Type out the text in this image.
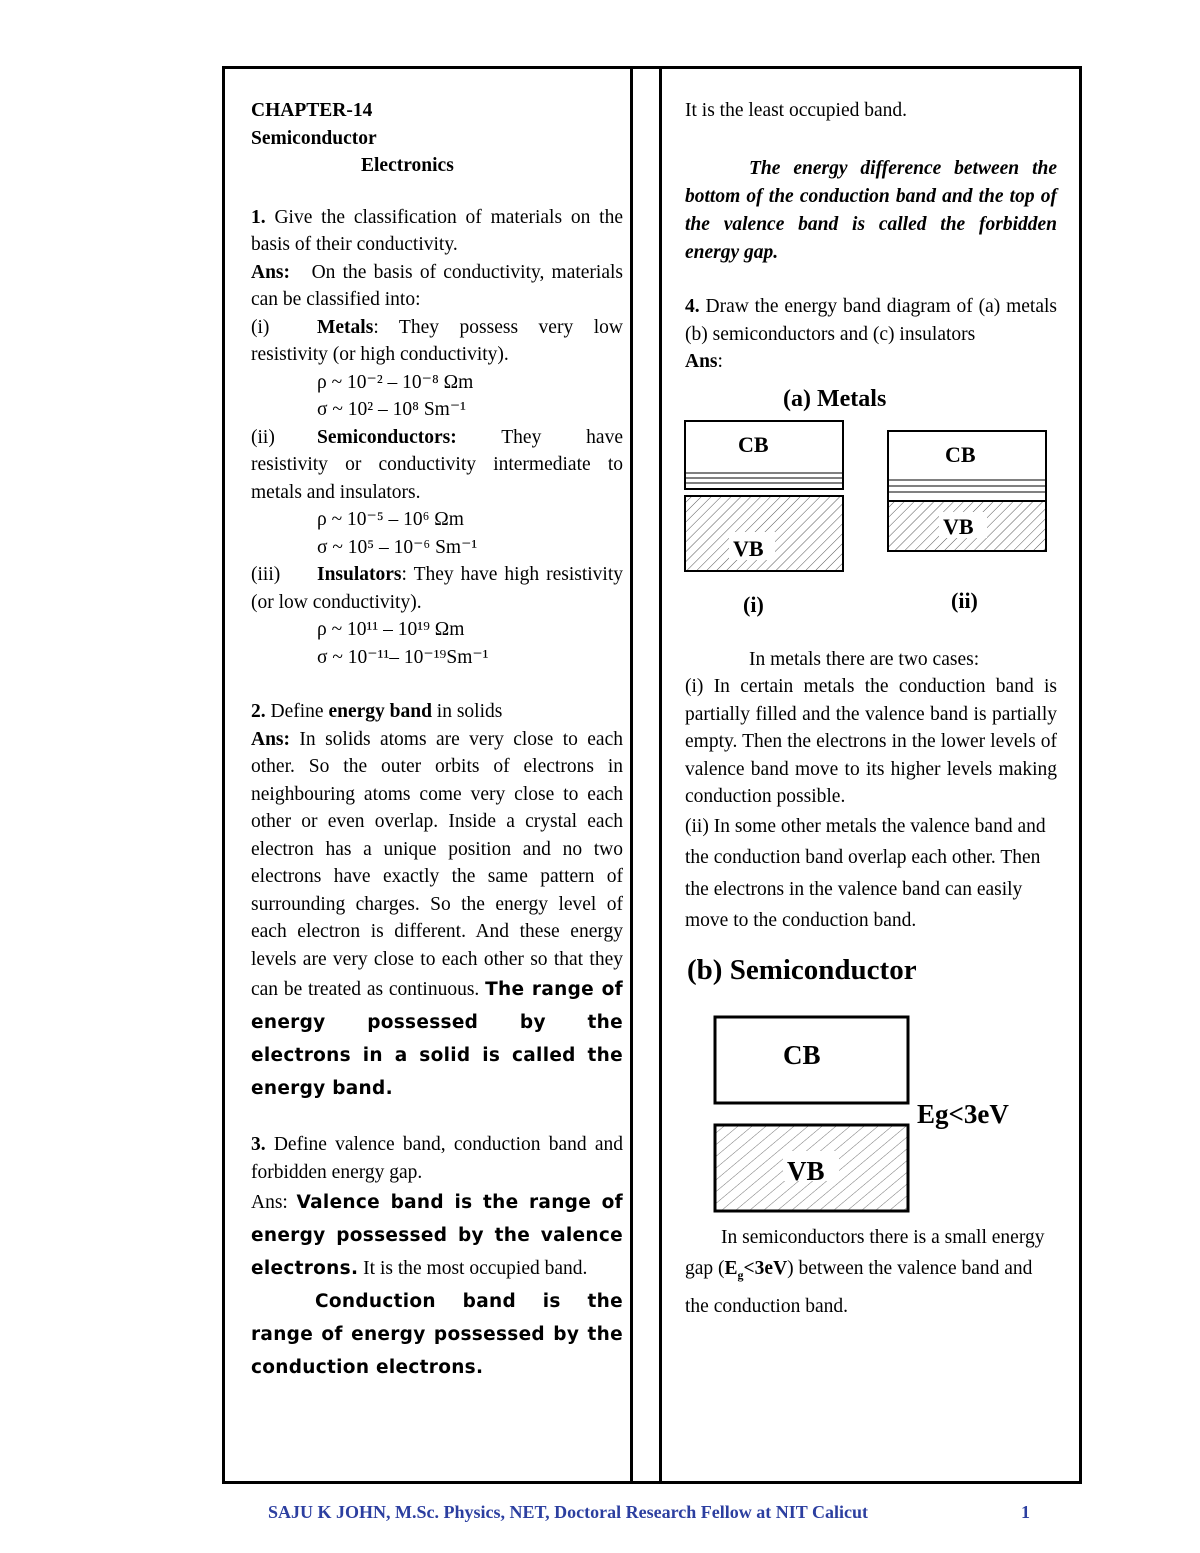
CHAPTER-14

Semiconductor

Electronics

1. Give the classification of materials on the basis of their conductivity.

Ans: On the basis of conductivity, materials can be classified into:

(i) Metals: They possess very low resistivity (or high conductivity).

ρ ~ 10⁻² – 10⁻⁸ Ωm

σ ~ 10² – 10⁸ Sm⁻¹

(ii) Semiconductors: They have resistivity or conductivity intermediate to metals and insulators.

ρ ~ 10⁻⁵ – 10⁶ Ωm

σ ~ 10⁵ – 10⁻⁶ Sm⁻¹

(iii) Insulators: They have high resistivity (or low conductivity).

ρ ~ 10¹¹ – 10¹⁹ Ωm

σ ~ 10⁻¹¹– 10⁻¹⁹Sm⁻¹

2. Define energy band in solids

Ans: In solids atoms are very close to each other. So the outer orbits of electrons in neighbouring atoms come very close to each other or even overlap. Inside a crystal each electron has a unique position and no two electrons have exactly the same pattern of surrounding charges. So the energy level of each electron is different. And these energy levels are very close to each other so that they can be treated as continuous. The range of energy possessed by the electrons in a solid is called the energy band.

3. Define valence band, conduction band and forbidden energy gap.

Ans: Valence band is the range of energy possessed by the valence electrons. It is the most occupied band.

Conduction band is the range of energy possessed by the conduction electrons.

It is the least occupied band.

The energy difference between the bottom of the conduction band and the top of the valence band is called the forbidden energy gap.

4. Draw the energy band diagram of (a) metals (b) semiconductors and (c) insulators

Ans:

(a) Metals
CB
VB
(i)
CB
VB
(ii)

In metals there are two cases:

(i) In certain metals the conduction band is partially filled and the valence band is partially empty. Then the electrons in the lower levels of valence band move to its higher levels making conduction possible.

(ii) In some other metals the valence band and the conduction band overlap each other. Then the electrons in the valence band can easily move to the conduction band.

(b) Semiconductor
CB
Eg<3eV
VB

In semiconductors there is a small energy gap $(E_g<3eV)$ between the valence band and the conduction band.

SAJU K JOHN, M.Sc. Physics, NET, Doctoral Research Fellow at NIT Calicut	1
